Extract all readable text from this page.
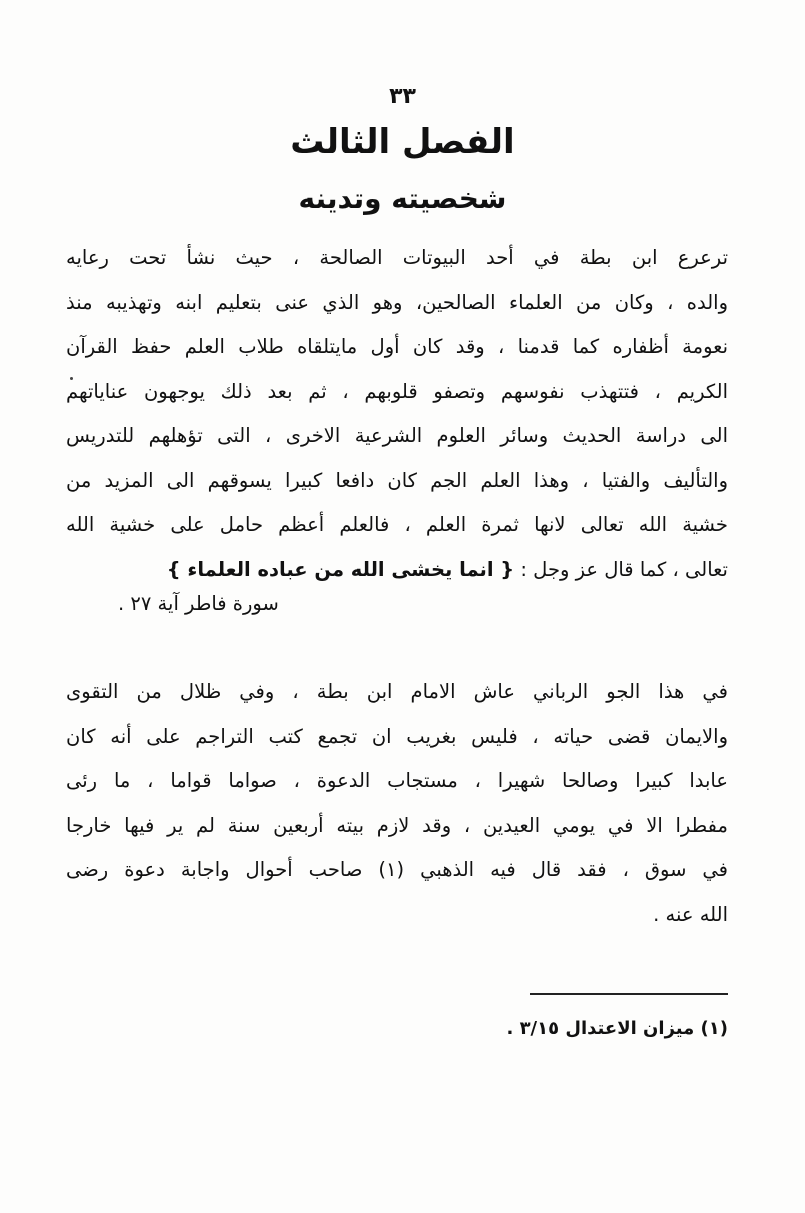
٣٣
الفصل الثالث
شخصيته وتدينه
ترعرع ابن بطة في أحد البيوتات الصالحة ، حيث نشأ تحت رعايه
والده ، وكان من العلماء الصالحين، وهو الذي عنى بتعليم ابنه وتهذيبه منذ
نعومة أظفاره كما قدمنا ، وقد كان أول مايتلقاه طلاب العلم حفظ القرآن
الكريم ، فتتهذب نفوسهم وتصفو قلوبهم ، ثم بعد ذلك يوجهون عناياتهم
الى دراسة الحديث وسائر العلوم الشرعية الاخرى ، التى تؤهلهم للتدريس
والتأليف والفتيا ، وهذا العلم الجم كان دافعا كبيرا يسوقهم الى المزيد من
خشية الله تعالى لانها ثمرة العلم ، فالعلم أعظم حامل على خشية الله
تعالى ، كما قال عز وجل : { انما يخشى الله من عباده العلماء }
سورة فاطر آية ٢٧ .
في هذا الجو الرباني عاش الامام ابن بطة ، وفي ظلال من التقوى
والايمان قضى حياته ، فليس بغريب ان تجمع كتب التراجم على أنه كان
عابدا كبيرا وصالحا شهيرا ، مستجاب الدعوة ، صواما قواما ، ما رئى
مفطرا الا في يومي العيدين ، وقد لازم بيته أربعين سنة لم ير فيها خارجا
في سوق ، فقد قال فيه الذهبي (١) صاحب أحوال واجابة دعوة رضى
الله عنه .
(١) ميزان الاعتدال ٣/١٥ .
